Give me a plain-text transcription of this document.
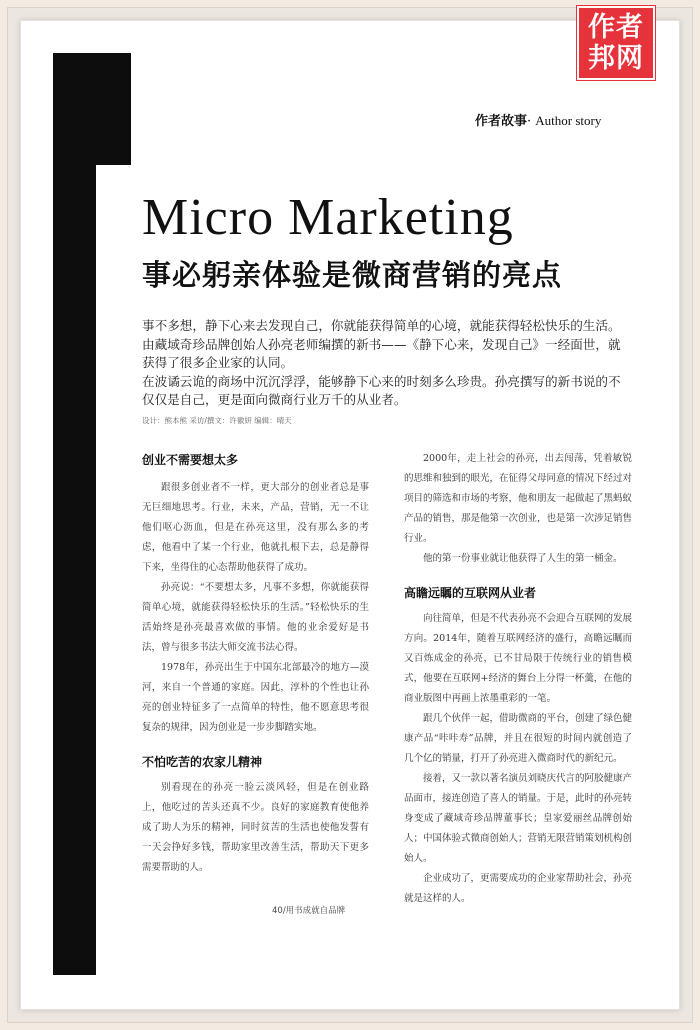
作者
邦网
作者故事· Author story
Micro Marketing
事必躬亲体验是微商营销的亮点

事不多想，静下心来去发现自己，你就能获得简单的心境，就能获得轻松快乐的生活。由藏域奇珍品牌创始人孙亮老师编撰的新书——《静下心来，发现自己》一经面世，就获得了很多企业家的认同。

在波谲云诡的商场中沉沉浮浮，能够静下心来的时刻多么珍贵。孙亮撰写的新书说的不仅仅是自己，更是面向微商行业万千的从业者。

设计：熊本熊 采访/撰文：许徽妍 编辑：晴天
创业不需要想太多

跟很多创业者不一样，更大部分的创业者总是事无巨细地思考。行业，未来，产品，营销，无一不让他们呕心沥血，但是在孙亮这里，没有那么多的考虑，他看中了某一个行业，他就扎根下去，总是静得下来，坐得住的心态帮助他获得了成功。

孙亮说：“不要想太多，凡事不多想，你就能获得简单心境，就能获得轻松快乐的生活。”轻松快乐的生活始终是孙亮最喜欢做的事情。他的业余爱好是书法，曾与很多书法大师交流书法心得。

1978年，孙亮出生于中国东北部最冷的地方—漠河，来自一个普通的家庭。因此，淳朴的个性也让孙亮的创业特征多了一点简单的特性，他不愿意思考很复杂的规律，因为创业是一步步脚踏实地。

不怕吃苦的农家儿精神

别看现在的孙亮一脸云淡风轻，但是在创业路上，他吃过的苦头还真不少。良好的家庭教育使他养成了助人为乐的精神，同时贫苦的生活也使他发誓有一天会挣好多钱，帮助家里改善生活，帮助天下更多需要帮助的人。

2000年，走上社会的孙亮，出去闯荡，凭着敏锐的思维和独到的眼光，在征得父母同意的情况下经过对项目的筛选和市场的考察，他和朋友一起做起了黑蚂蚁产品的销售，那是他第一次创业，也是第一次涉足销售行业。

他的第一份事业就让他获得了人生的第一桶金。

高瞻远瞩的互联网从业者

向往简单，但是不代表孙亮不会迎合互联网的发展方向。2014年，随着互联网经济的盛行，高瞻远瞩而又百炼成金的孙亮，已不甘局限于传统行业的销售模式，他要在互联网+经济的舞台上分得一杯羹，在他的商业版图中再画上浓墨重彩的一笔。

跟几个伙伴一起，借助微商的平台，创建了绿色健康产品“咔咔寿”品牌，并且在很短的时间内就创造了几个亿的销量，打开了孙亮进入微商时代的新纪元。

接着，又一款以著名演员刘晓庆代言的阿胶健康产品面市，接连创造了喜人的销量。于是，此时的孙亮转身变成了藏域奇珍品牌董事长；皇家爱丽丝品牌创始人；中国体验式微商创始人；营销无限营销策划机构创始人。

企业成功了，更需要成功的企业家帮助社会，孙亮就是这样的人。

40/用书成就自品牌
